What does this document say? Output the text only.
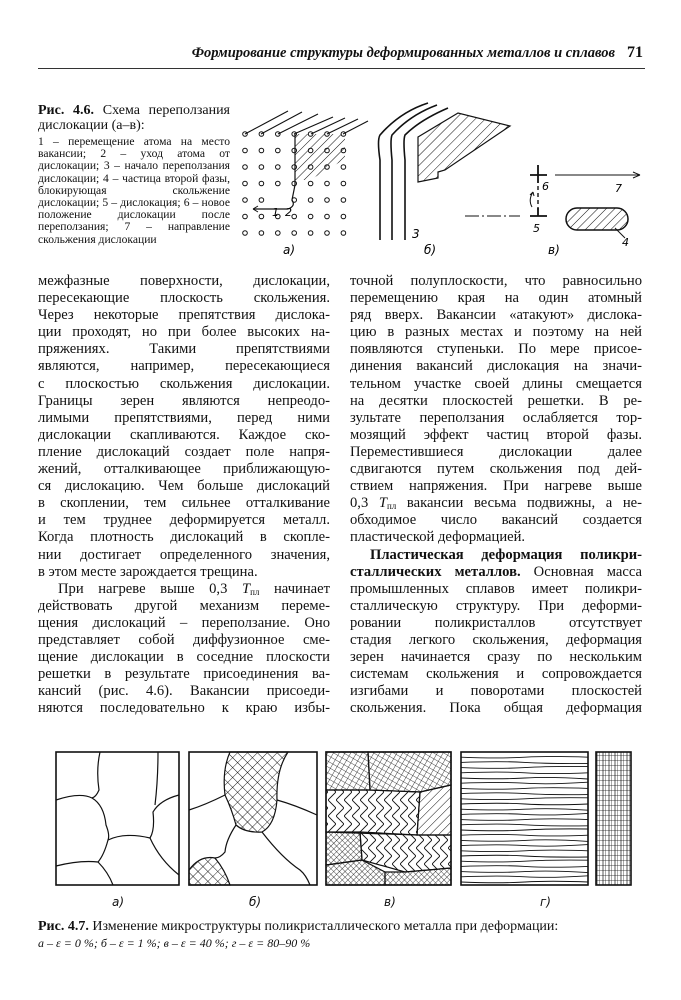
Формирование структуры деформированных металлов и сплавов 71
Рис. 4.6. Схема переползания дислокации (а–в):
1 – перемещение атома на место вакансии; 2 – уход атома от дислокации; 3 – начало переползания дислокации; 4 – частица второй фазы, блокирующая скольжение дислокации; 5 – дислокация; 6 – новое положение дислокации после переползания; 7 – направление скольжения дислокации
1 2
3
6
5
7
4
а)	б)	в)
межфазные поверхности, дислокации,
пересекающие плоскость скольжения.
Через некоторые препятствия дислока-
ции проходят, но при более высоких на-
пряжениях. Такими препятствиями
являются, например, пересекающиеся
с плоскостью скольжения дислокации.
Границы зерен являются непреодо-
лимыми препятствиями, перед ними
дислокации скапливаются. Каждое ско-
пление дислокаций создает поле напря-
жений, отталкивающее приближающую-
ся дислокацию. Чем больше дислокаций
в скоплении, тем сильнее отталкивание
и тем труднее деформируется металл.
Когда плотность дислокаций в скопле-
нии достигает определенного значения,
в этом месте зарождается трещина.
При нагреве выше 0,3 $T_{пл}$ начинает
действовать другой механизм переме-
щения дислокаций – переползание. Оно
представляет собой диффузионное сме-
щение дислокации в соседние плоскости
решетки в результате присоединения ва-
кансий (рис. 4.6). Вакансии присоеди-
няются последовательно к краю избы-
точной полуплоскости, что равносильно
перемещению края на один атомный
ряд вверх. Вакансии «атакуют» дислока-
цию в разных местах и поэтому на ней
появляются ступеньки. По мере присое-
динения вакансий дислокация на значи-
тельном участке своей длины смещается
на десятки плоскостей решетки. В ре-
зультате переползания ослабляется тор-
мозящий эффект частиц второй фазы.
Переместившиеся дислокации далее
сдвигаются путем скольжения под дей-
ствием напряжения. При нагреве выше
0,3 $T_{пл}$ вакансии весьма подвижны, а не-
обходимое число вакансий создается
пластической деформацией.
Пластическая деформация поликри-
сталлических металлов. Основная масса
промышленных сплавов имеет поликри-
сталлическую структуру. При деформи-
ровании поликристаллов отсутствует
стадия легкого скольжения, деформация
зерен начинается сразу по нескольким
системам скольжения и сопровождается
изгибами и поворотами плоскостей
скольжения. Пока общая деформация
а)	б)	в)	г)
Рис. 4.7. Изменение микроструктуры поликристаллического металла при деформации:
а – ε = 0 %; б – ε = 1 %; в – ε = 40 %; г – ε = 80–90 %
